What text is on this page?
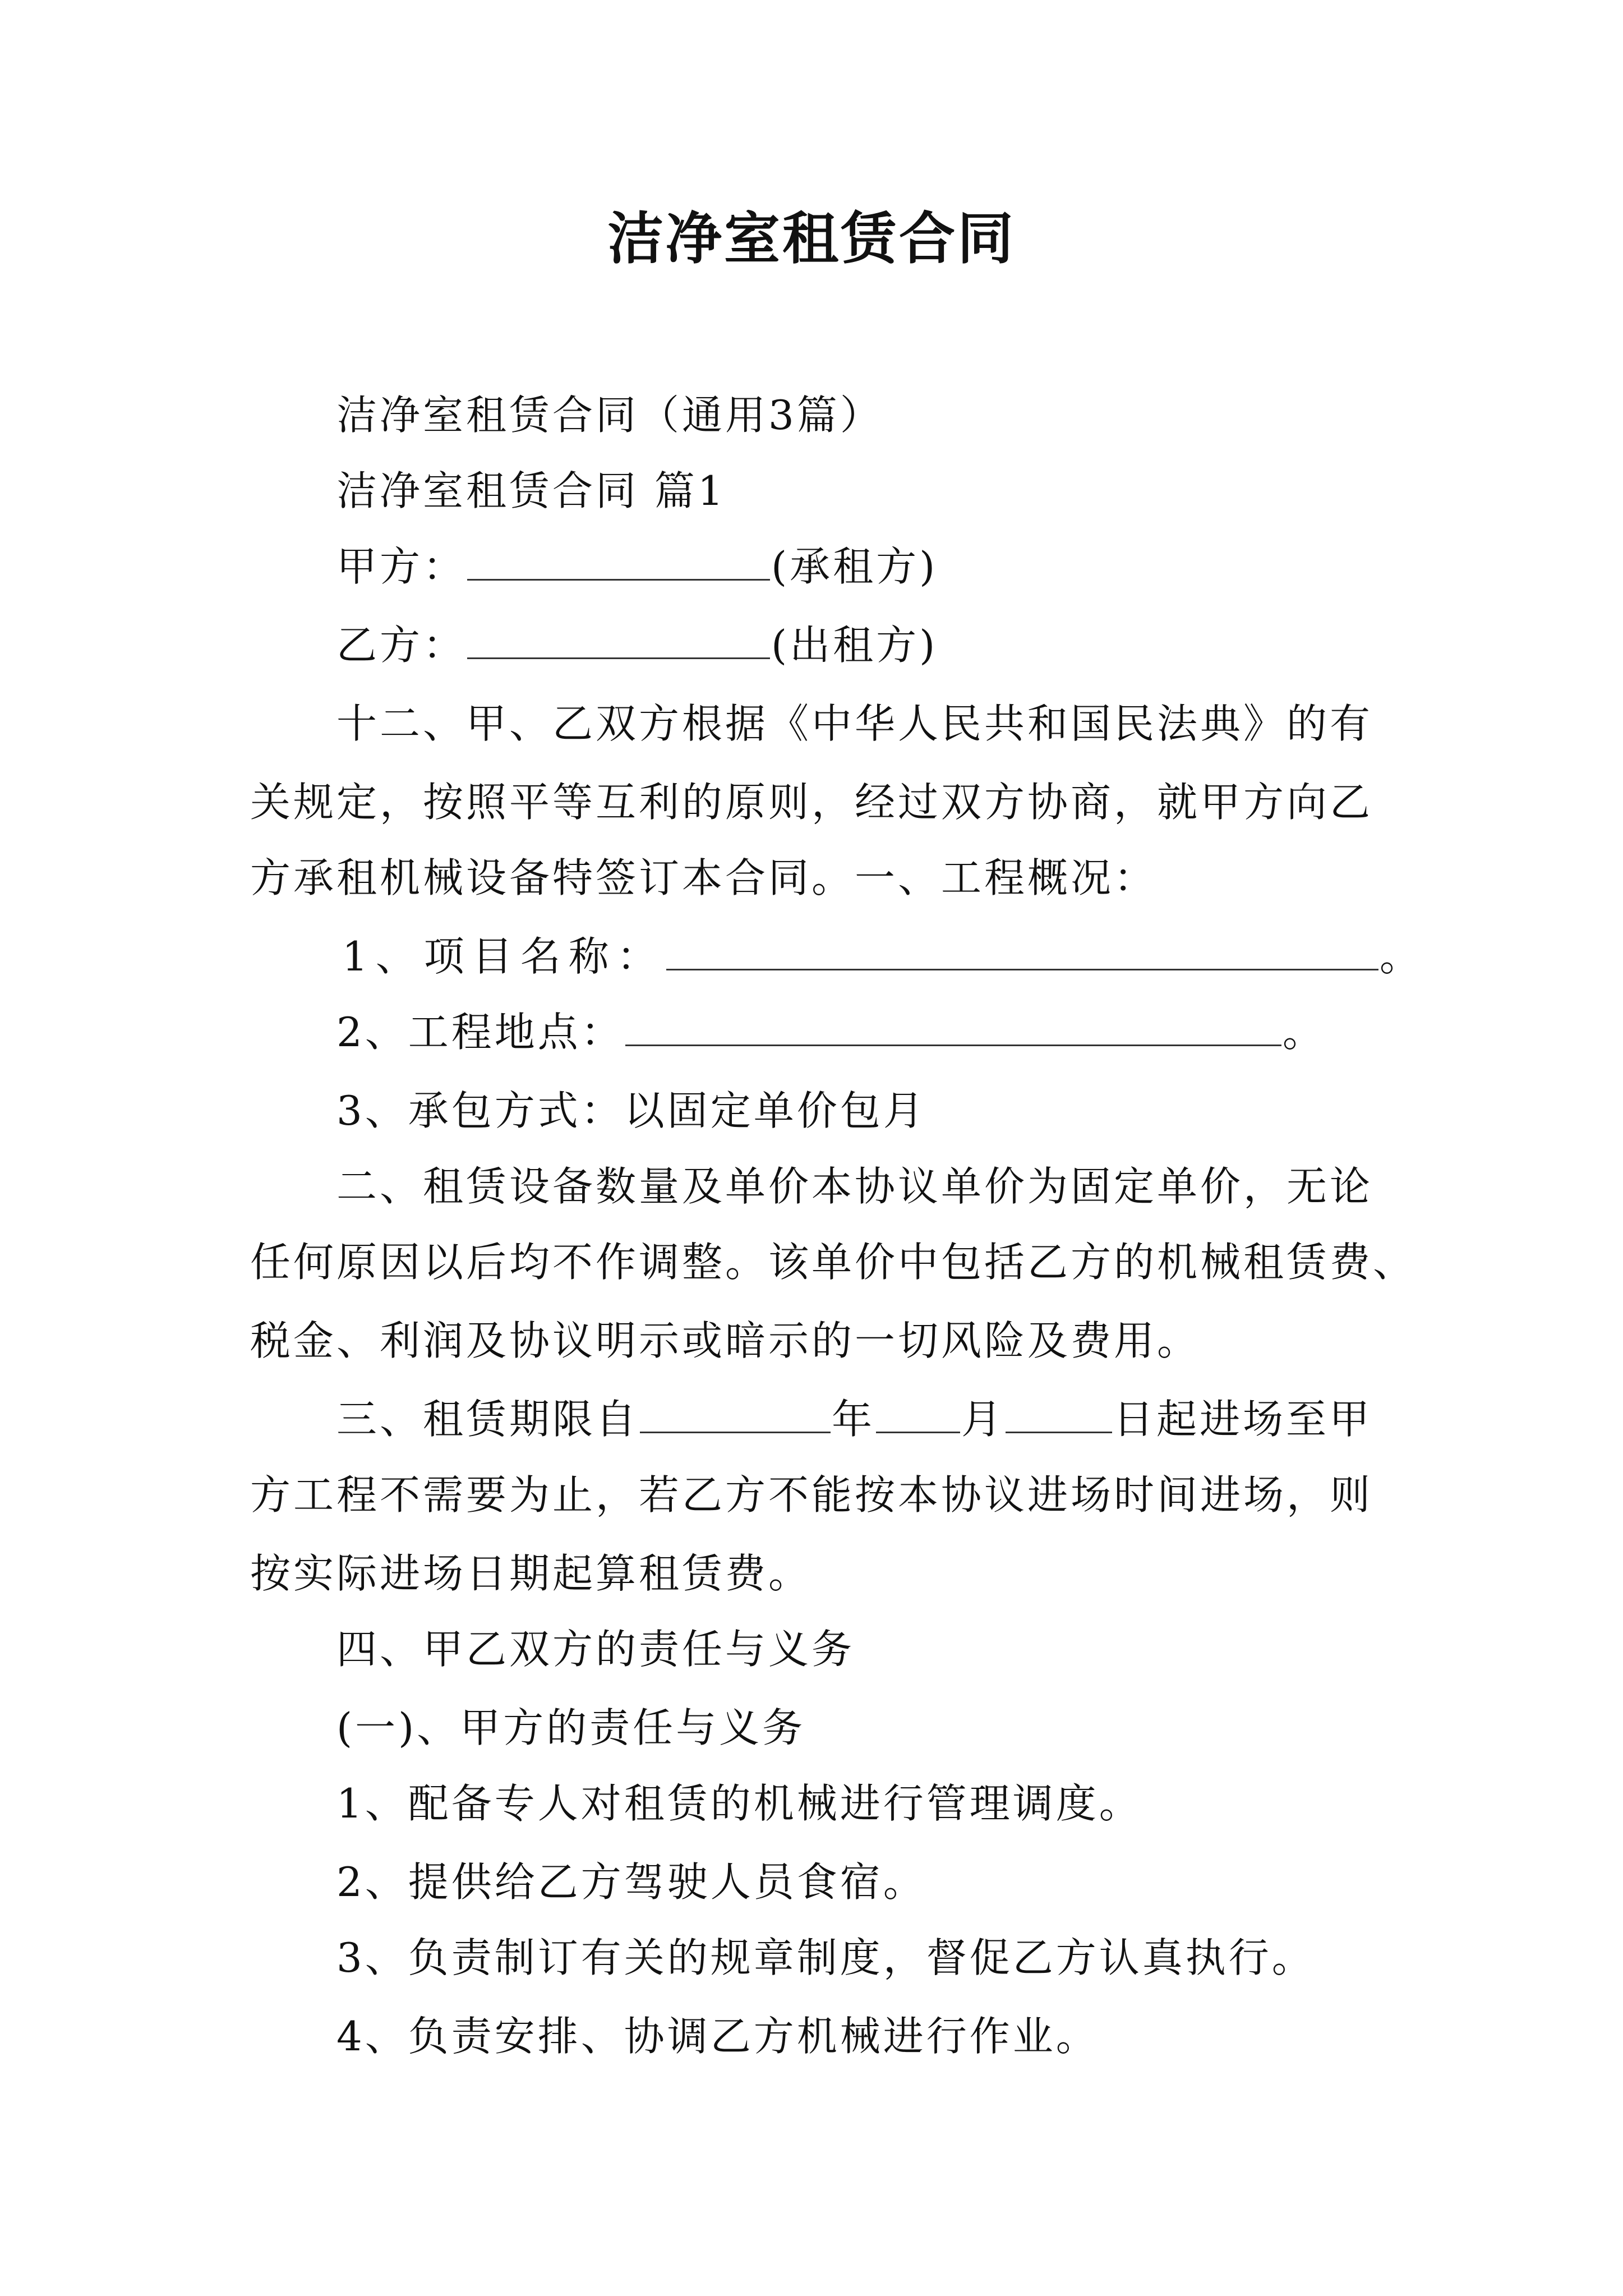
洁净室租赁合同
洁净室租赁合同（通用3篇）
洁净室租赁合同 篇1
甲方：	(承租方)
乙方：	(出租方)
十二、甲、乙双方根据《中华人民共和国民法典》的有
关规定，按照平等互利的原则，经过双方协商，就甲方向乙
方承租机械设备特签订本合同。一、工程概况：
1、项目名称：	。
2、工程地点：	。
3、承包方式：以固定单价包月
二、租赁设备数量及单价本协议单价为固定单价，无论
任何原因以后均不作调整。该单价中包括乙方的机械租赁费、
税金、利润及协议明示或暗示的一切风险及费用。
三、租赁期限自	年 月	日起进场至甲
方工程不需要为止，若乙方不能按本协议进场时间进场，则
按实际进场日期起算租赁费。
四、甲乙双方的责任与义务
(一)、甲方的责任与义务
1、配备专人对租赁的机械进行管理调度。
2、提供给乙方驾驶人员食宿。
3、负责制订有关的规章制度，督促乙方认真执行。
4、负责安排、协调乙方机械进行作业。
